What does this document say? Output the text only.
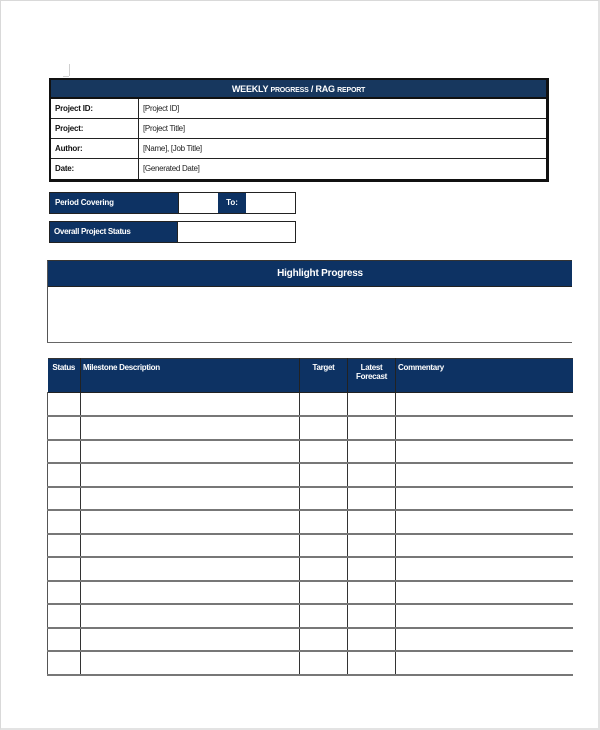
WEEKLY PROGRESS / RAG REPORT
Project ID:	[Project ID]
Project:	[Project Title]
Author:	[Name], [Job Title]
Date:	[Generated Date]
Period Covering	To:
Overall Project Status
Highlight Progress
Status	Milestone Description	Target	Latest Forecast	Commentary
